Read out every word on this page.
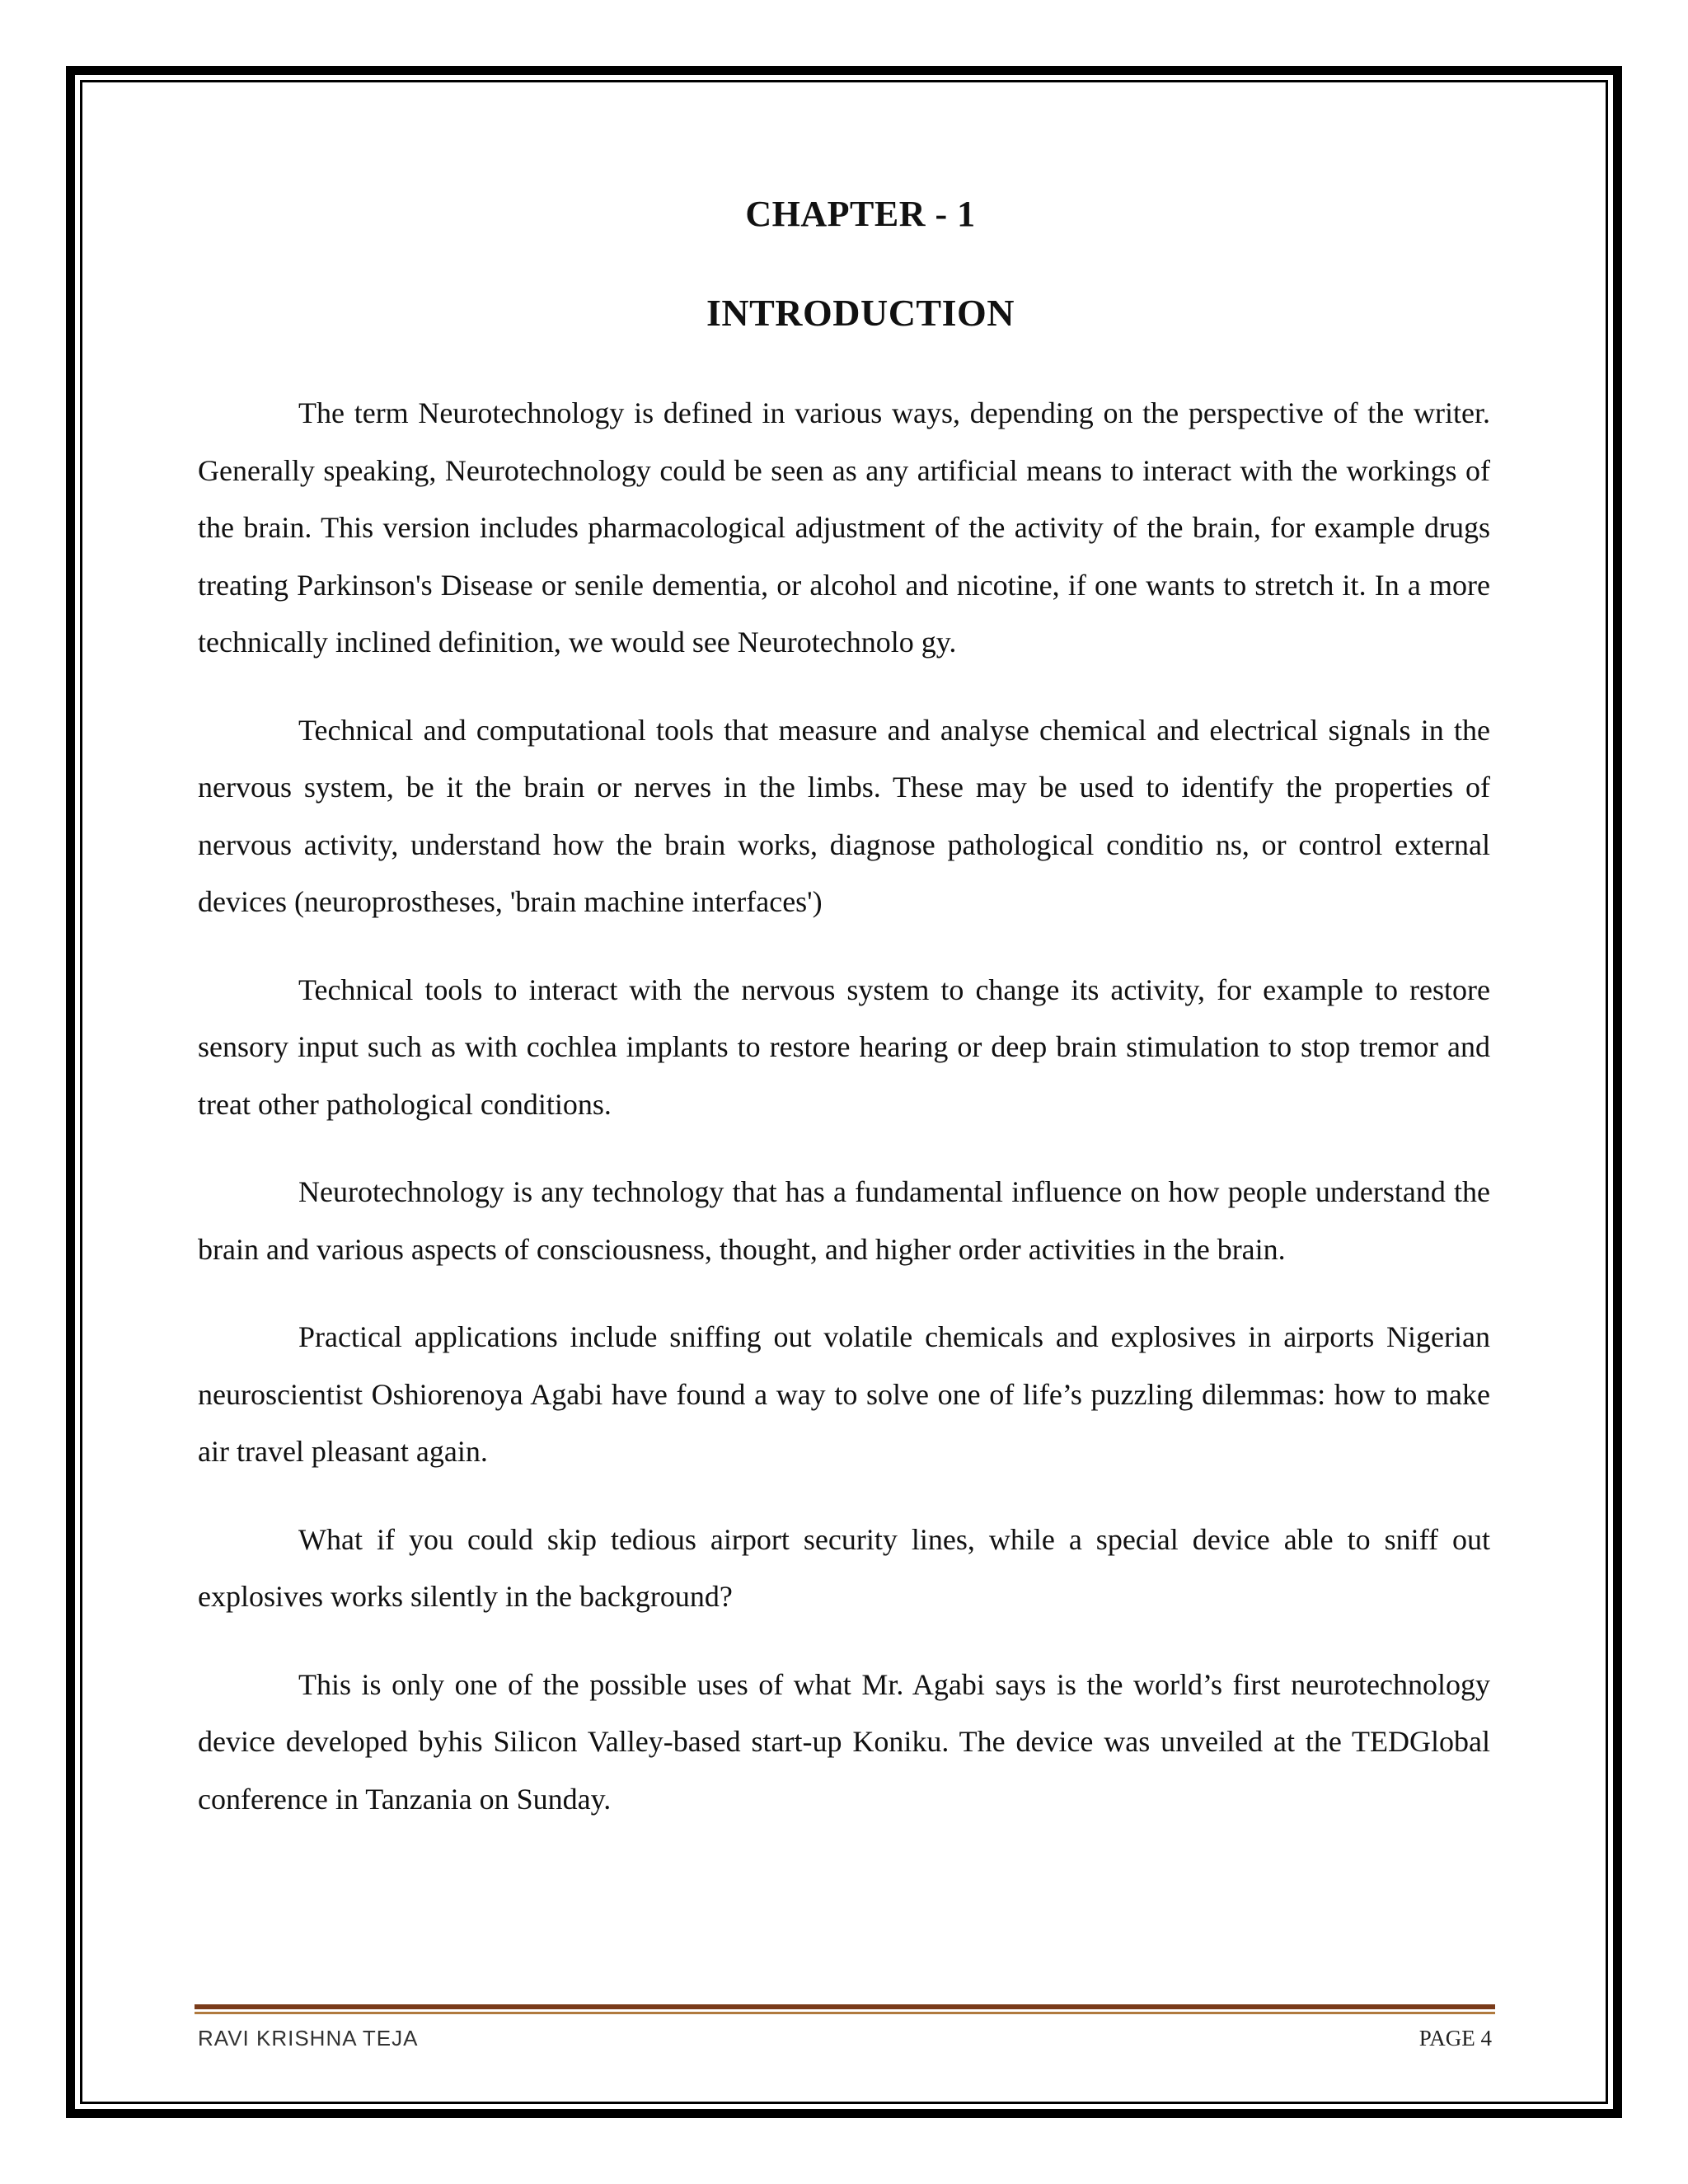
CHAPTER - 1
INTRODUCTION

The term Neurotechnology is defined in various ways, depending on the perspective of the writer. Generally speaking, Neurotechnology could be seen as any artificial means to interact with the workings of the brain. This version includes pharmacological adjustment of the activity of the brain, for example drugs treating Parkinson's Disease or senile dementia, or alcohol and nicotine, if one wants to stretch it. In a more technically inclined definition, we would see Neurotechnolo gy.

Technical and computational tools that measure and analyse chemical and electrical signals in the nervous system, be it the brain or nerves in the limbs. These may be used to identify the properties of nervous activity, understand how the brain works, diagnose pathological conditio ns, or control external devices (neuroprostheses, 'brain machine interfaces')

Technical tools to interact with the nervous system to change its activity, for example to restore sensory input such as with cochlea implants to restore hearing or deep brain stimulation to stop tremor and treat other pathological conditions.

Neurotechnology is any technology that has a fundamental influence on how people understand the brain and various aspects of consciousness, thought, and higher order activities in the brain.

Practical applications include sniffing out volatile chemicals and explosives in airports Nigerian neuroscientist Oshiorenoya Agabi have found a way to solve one of life’s puzzling dilemmas: how to make air travel pleasant again.

What if you could skip tedious airport security lines, while a special device able to sniff out explosives works silently in the background?

This is only one of the possible uses of what Mr. Agabi says is the world’s first neurotechnology device developed byhis Silicon Valley-based start-up Koniku. The device was unveiled at the TEDGlobal conference in Tanzania on Sunday.

RAVI KRISHNA TEJA	PAGE 4
